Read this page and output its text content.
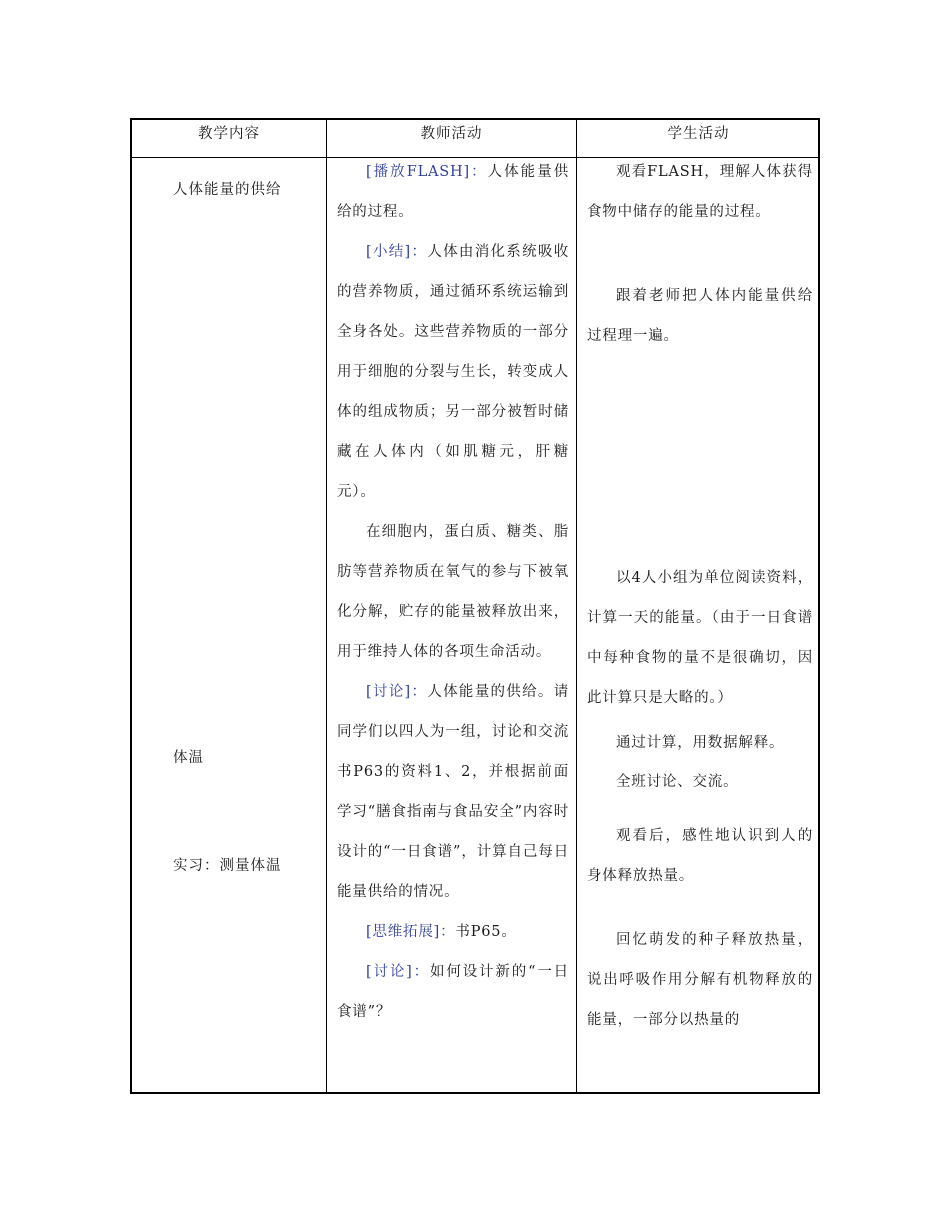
教学内容	教师活动	学生活动
人体能量的供给
体温
实习：测量体温

[播放FLASH]：人体能量供给的过程。

[小结]：人体由消化系统吸收的营养物质，通过循环系统运输到全身各处。这些营养物质的一部分用于细胞的分裂与生长，转变成人体的组成物质；另一部分被暂时储藏在人体内（如肌糖元，肝糖元）。

在细胞内，蛋白质、糖类、脂肪等营养物质在氧气的参与下被氧化分解，贮存的能量被释放出来，用于维持人体的各项生命活动。

[讨论]：人体能量的供给。请同学们以四人为一组，讨论和交流书P63的资料1、2，并根据前面学习“膳食指南与食品安全”内容时设计的“一日食谱”，计算自己每日能量供给的情况。

[思维拓展]：书P65。

[讨论]：如何设计新的“一日食谱”？

观看FLASH，理解人体获得食物中储存的能量的过程。

跟着老师把人体内能量供给过程理一遍。

以4人小组为单位阅读资料，计算一天的能量。（由于一日食谱中每种食物的量不是很确切，因此计算只是大略的。）

通过计算，用数据解释。

全班讨论、交流。

观看后，感性地认识到人的身体释放热量。

回忆萌发的种子释放热量，说出呼吸作用分解有机物释放的能量，一部分以热量的
